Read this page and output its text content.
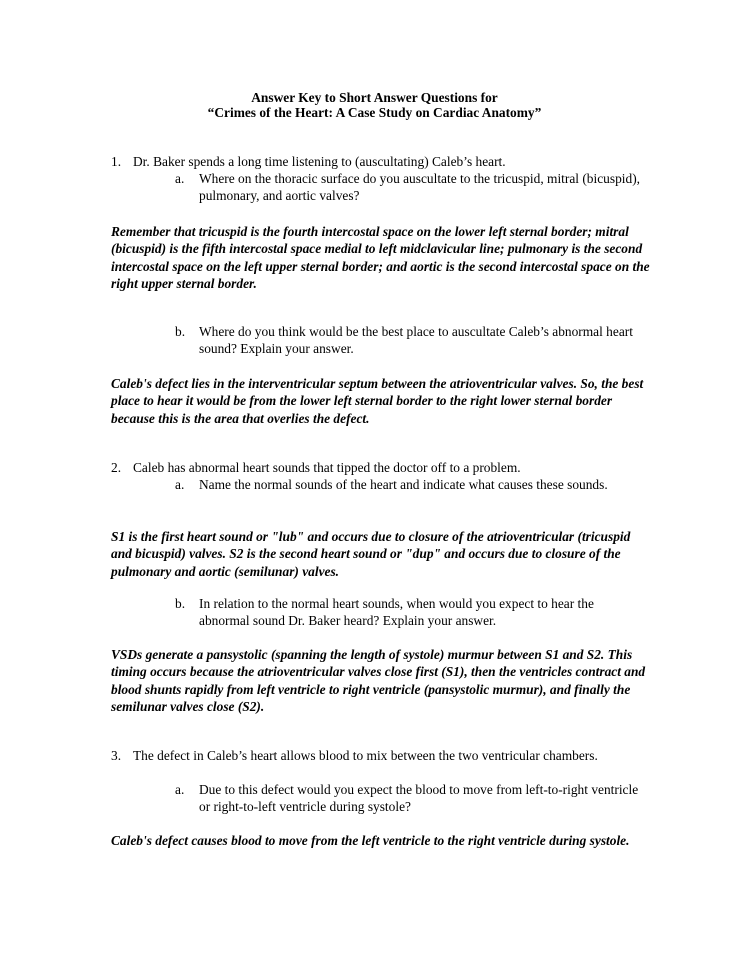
Answer Key to Short Answer Questions for
“Crimes of the Heart: A Case Study on Cardiac Anatomy”
1. Dr. Baker spends a long time listening to (auscultating) Caleb’s heart.
a. Where on the thoracic surface do you auscultate to the tricuspid, mitral (bicuspid), pulmonary, and aortic valves?
Remember that tricuspid is the fourth intercostal space on the lower left sternal border; mitral (bicuspid) is the fifth intercostal space medial to left midclavicular line; pulmonary is the second intercostal space on the left upper sternal border; and aortic is the second intercostal space on the right upper sternal border.
b. Where do you think would be the best place to auscultate Caleb’s abnormal heart sound? Explain your answer.
Caleb's defect lies in the interventricular septum between the atrioventricular valves. So, the best place to hear it would be from the lower left sternal border to the right lower sternal border because this is the area that overlies the defect.
2. Caleb has abnormal heart sounds that tipped the doctor off to a problem.
a. Name the normal sounds of the heart and indicate what causes these sounds.
S1 is the first heart sound or "lub" and occurs due to closure of the atrioventricular (tricuspid and bicuspid) valves. S2 is the second heart sound or "dup" and occurs due to closure of the pulmonary and aortic (semilunar) valves.
b. In relation to the normal heart sounds, when would you expect to hear the abnormal sound Dr. Baker heard? Explain your answer.
VSDs generate a pansystolic (spanning the length of systole) murmur between S1 and S2. This timing occurs because the atrioventricular valves close first (S1), then the ventricles contract and blood shunts rapidly from left ventricle to right ventricle (pansystolic murmur), and finally the semilunar valves close (S2).
3. The defect in Caleb’s heart allows blood to mix between the two ventricular chambers.
a. Due to this defect would you expect the blood to move from left-to-right ventricle or right-to-left ventricle during systole?
Caleb's defect causes blood to move from the left ventricle to the right ventricle during systole.
